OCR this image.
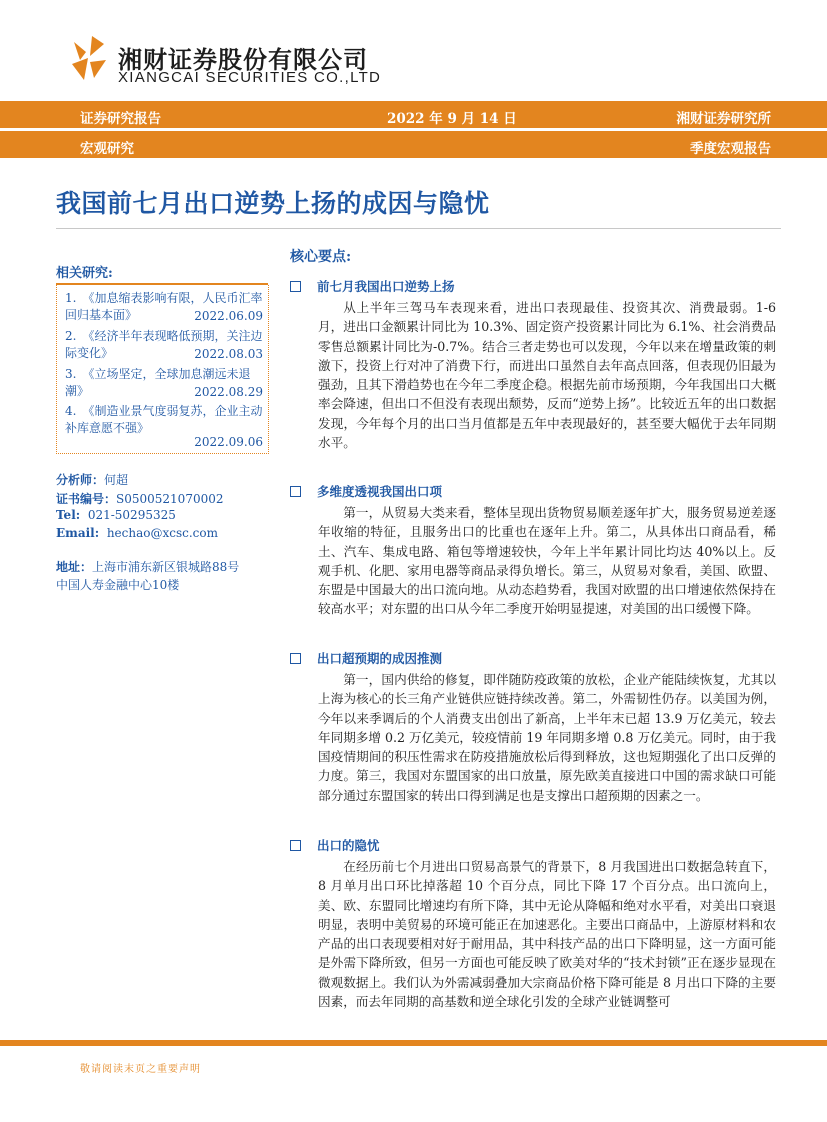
湘财证券股份有限公司
XIANGCAI SECURITIES CO.,LTD
证券研究报告	2022 年 9 月 14 日	湘财证券研究所
宏观研究	季度宏观报告
我国前七月出口逆势上扬的成因与隐忧
相关研究:
1.　《加息缩表影响有限，人民币汇率回归基本面》	2022.06.09
2.　《经济半年表现略低预期，关注边际变化》	2022.08.03
3.　《立场坚定，全球加息潮远未退潮》	2022.08.29
4.　《制造业景气度弱复苏，企业主动补库意愿不强》
2022.09.06
分析师：何超
证书编号：S0500521070002
Tel: 021-50295325
Email: hechao@xcsc.com
地址：上海市浦东新区银城路88号
中国人寿金融中心10楼
核心要点:
前七月我国出口逆势上扬
从上半年三驾马车表现来看，进出口表现最佳、投资其次、消费最弱。1-6 月，进出口金额累计同比为 10.3%、固定资产投资累计同比为 6.1%、社会消费品零售总额累计同比为-0.7%。结合三者走势也可以发现，今年以来在增量政策的刺激下，投资上行对冲了消费下行，而进出口虽然自去年高点回落，但表现仍旧最为强劲，且其下滑趋势也在今年二季度企稳。根据先前市场预期，今年我国出口大概率会降速，但出口不但没有表现出颓势，反而“逆势上扬”。比较近五年的出口数据发现，今年每个月的出口当月值都是五年中表现最好的，甚至要大幅优于去年同期水平。
多维度透视我国出口项
第一，从贸易大类来看，整体呈现出货物贸易顺差逐年扩大，服务贸易逆差逐年收缩的特征，且服务出口的比重也在逐年上升。第二，从具体出口商品看，稀土、汽车、集成电路、箱包等增速较快，今年上半年累计同比均达 40%以上。反观手机、化肥、家用电器等商品录得负增长。第三，从贸易对象看，美国、欧盟、东盟是中国最大的出口流向地。从动态趋势看，我国对欧盟的出口增速依然保持在较高水平；对东盟的出口从今年二季度开始明显提速，对美国的出口缓慢下降。
出口超预期的成因推测
第一，国内供给的修复，即伴随防疫政策的放松，企业产能陆续恢复，尤其以上海为核心的长三角产业链供应链持续改善。第二，外需韧性仍存。以美国为例，今年以来季调后的个人消费支出创出了新高，上半年末已超 13.9 万亿美元，较去年同期多增 0.2 万亿美元，较疫情前 19 年同期多增 0.8 万亿美元。同时，由于我国疫情期间的积压性需求在防疫措施放松后得到释放，这也短期强化了出口反弹的力度。第三，我国对东盟国家的出口放量，原先欧美直接进口中国的需求缺口可能部分通过东盟国家的转出口得到满足也是支撑出口超预期的因素之一。
出口的隐忧
在经历前七个月进出口贸易高景气的背景下，8 月我国进出口数据急转直下，8 月单月出口环比掉落超 10 个百分点，同比下降 17 个百分点。出口流向上，美、欧、东盟同比增速均有所下降，其中无论从降幅和绝对水平看，对美出口衰退明显，表明中美贸易的环境可能正在加速恶化。主要出口商品中，上游原材料和农产品的出口表现要相对好于耐用品，其中科技产品的出口下降明显，这一方面可能是外需下降所致，但另一方面也可能反映了欧美对华的“技术封锁”正在逐步显现在微观数据上。我们认为外需减弱叠加大宗商品价格下降可能是 8 月出口下降的主要因素，而去年同期的高基数和逆全球化引发的全球产业链调整可
敬请阅读末页之重要声明
